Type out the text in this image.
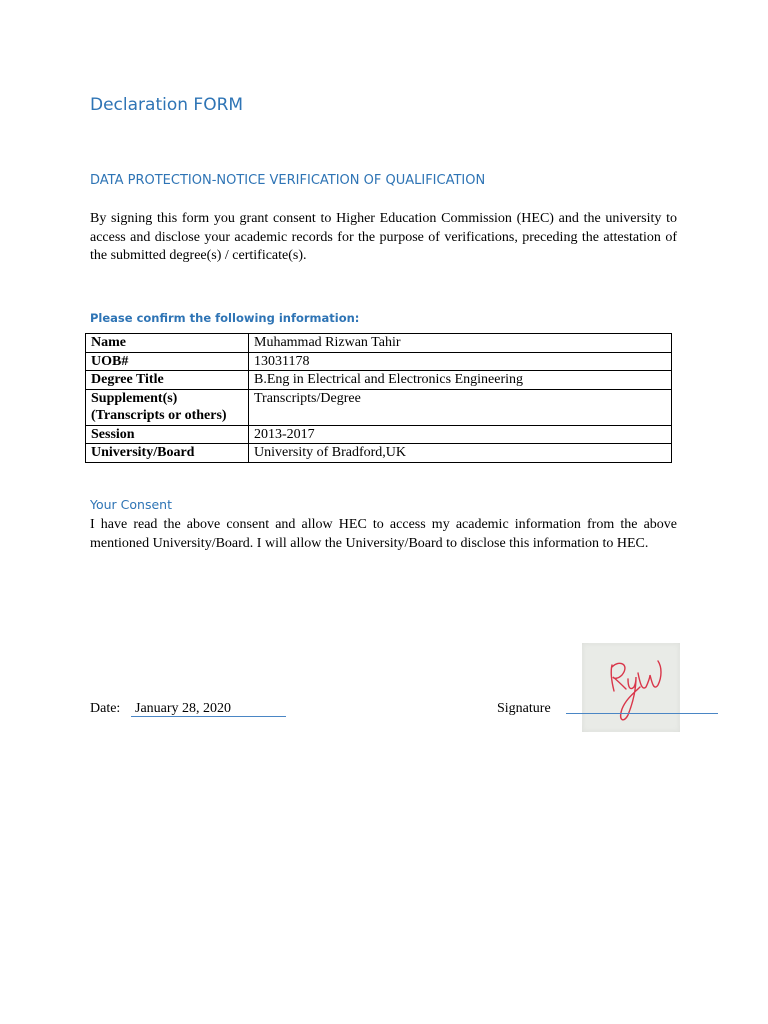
Declaration FORM
DATA PROTECTION-NOTICE VERIFICATION OF QUALIFICATION

By signing this form you grant consent to Higher Education Commission (HEC) and the university to access and disclose your academic records for the purpose of verifications, preceding the attestation of the submitted degree(s) / certificate(s).

Please confirm the following information:
Name	Muhammad Rizwan Tahir
UOB#	13031178
Degree Title	B.Eng in Electrical and Electronics Engineering

Supplement(s)
(Transcripts or others)	Transcripts/Degree
Session	2013-2017
University/Board	University of Bradford,UK
Your Consent

I have read the above consent and allow HEC to access my academic information from the above mentioned University/Board. I will allow the University/Board to disclose this information to HEC.

Date: January 28, 2020	Signature
